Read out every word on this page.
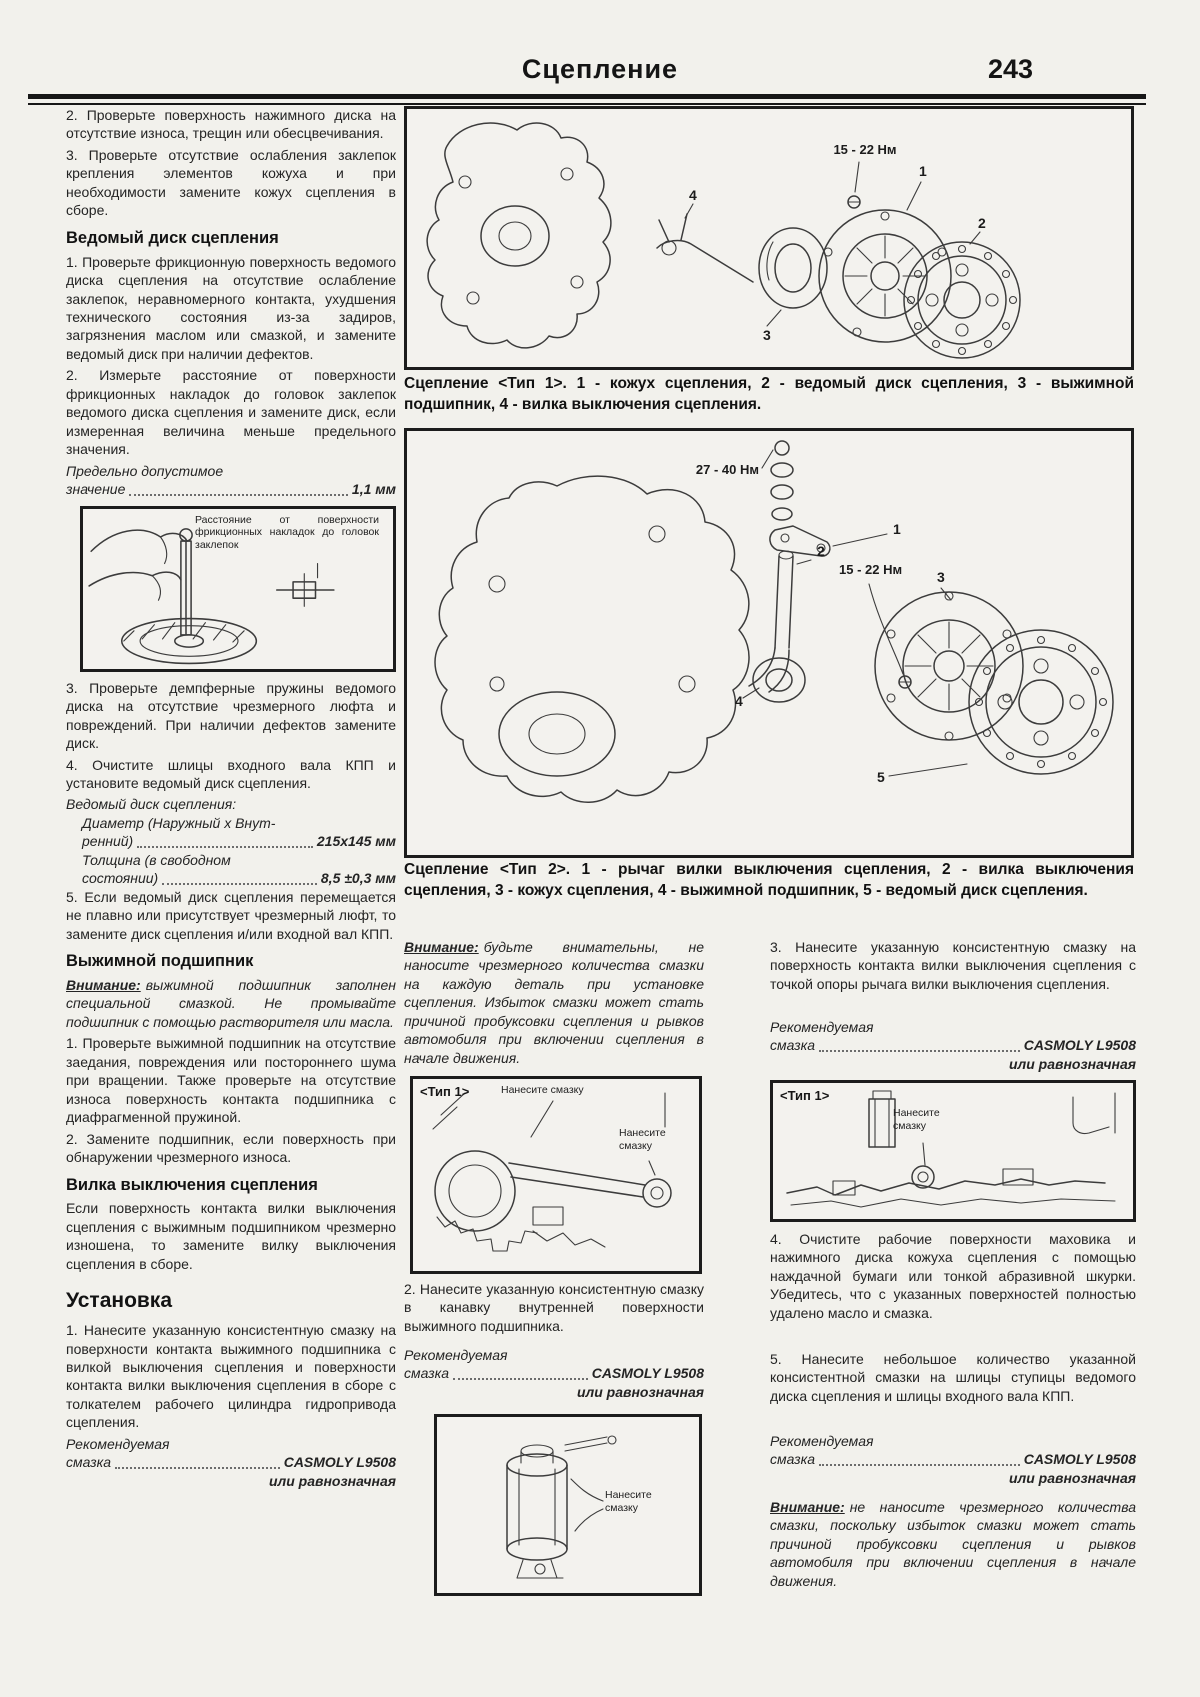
Сцепление	243

2. Проверьте поверхность нажимного диска на отсутствие износа, трещин или обесцвечивания.

3. Проверьте отсутствие ослабления заклепок крепления элементов кожуха и при необходимости замените кожух сцепления в сборе.

Ведомый диск сцепления

1. Проверьте фрикционную поверхность ведомого диска сцепления на отсутствие ослабление заклепок, неравномерного контакта, ухудшения технического состояния из-за задиров, загрязнения маслом или смазкой, и замените ведомый диск при наличии дефектов.

2. Измерьте расстояние от поверхности фрикционных накладок до головок заклепок ведомого диска сцепления и замените диск, если измеренная величина меньше предельного значения.

Предельно допустимое
значение	1,1 мм
Расстояние от поверхности фрикционных накладок до головок заклепок

3. Проверьте демпферные пружины ведомого диска на отсутствие чрезмерного люфта и повреждений. При наличии дефектов замените диск.

4. Очистите шлицы входного вала КПП и установите ведомый диск сцепления.

Ведомый диск сцепления:
Диаметр (Наружный х Внут-
ренний)	215х145 мм
Толщина (в свободном
состоянии)	8,5 ±0,3 мм

5. Если ведомый диск сцепления перемещается не плавно или присутствует чрезмерный люфт, то замените диск сцепления и/или входной вал КПП.

Выжимной подшипник

Внимание: выжимной подшипник заполнен специальной смазкой. Не промывайте подшипник с помощью растворителя или масла.

1. Проверьте выжимной подшипник на отсутствие заедания, повреждения или постороннего шума при вращении. Также проверьте на отсутствие износа поверхность контакта подшипника с диафрагменной пружиной.

2. Замените подшипник, если поверхность при обнаружении чрезмерного износа.

Вилка выключения сцепления

Если поверхность контакта вилки выключения сцепления с выжимным подшипником чрезмерно изношена, то замените вилку выключения сцепления в сборе.

Установка

1. Нанесите указанную консистентную смазку на поверхности контакта выжимного подшипника с вилкой выключения сцепления и поверхности контакта вилки выключения сцепления в сборе с толкателем рабочего цилиндра гидропривода сцепления.

Рекомендуемая
смазка	CASMOLY L9508
или равнозначная
4
3
15 - 22 Нм
1
2
Сцепление <Тип 1>. 1 - кожух сцепления, 2 - ведомый диск сцепления, 3 - выжимной подшипник, 4 - вилка выключения сцепления.
27 - 40 Нм
1
2
15 - 22 Нм 3
4
5
Сцепление <Тип 2>. 1 - рычаг вилки выключения сцепления, 2 - вилка выключения сцепления, 3 - кожух сцепления, 4 - выжимной подшипник, 5 - ведомый диск сцепления.
Внимание: будьте внимательны, не наносите чрезмерного количества смазки на каждую деталь при установке сцепления. Избыток смазки может стать причиной пробуксовки сцепления и рывков автомобиля при включении сцепления в начале движения.
<Тип 1>	Нанесите смазку
Нанесите смазку
2. Нанесите указанную консистентную смазку в канавку внутренней поверхности выжимного подшипника.
Рекомендуемая
смазка	CASMOLY L9508
или равнозначная
Нанесите смазку
3. Нанесите указанную консистентную смазку на поверхность контакта вилки выключения сцепления с точкой опоры рычага вилки выключения сцепления.
Рекомендуемая
смазка	CASMOLY L9508
или равнозначная
<Тип 1>
Нанесите смазку
4. Очистите рабочие поверхности маховика и нажимного диска кожуха сцепления с помощью наждачной бумаги или тонкой абразивной шкурки. Убедитесь, что с указанных поверхностей полностью удалено масло и смазка.
5. Нанесите небольшое количество указанной консистентной смазки на шлицы ступицы ведомого диска сцепления и шлицы входного вала КПП.
Рекомендуемая
смазка	CASMOLY L9508
или равнозначная
Внимание: не наносите чрезмерного количества смазки, поскольку избыток смазки может стать причиной пробуксовки сцепления и рывков автомобиля при включении сцепления в начале движения.
